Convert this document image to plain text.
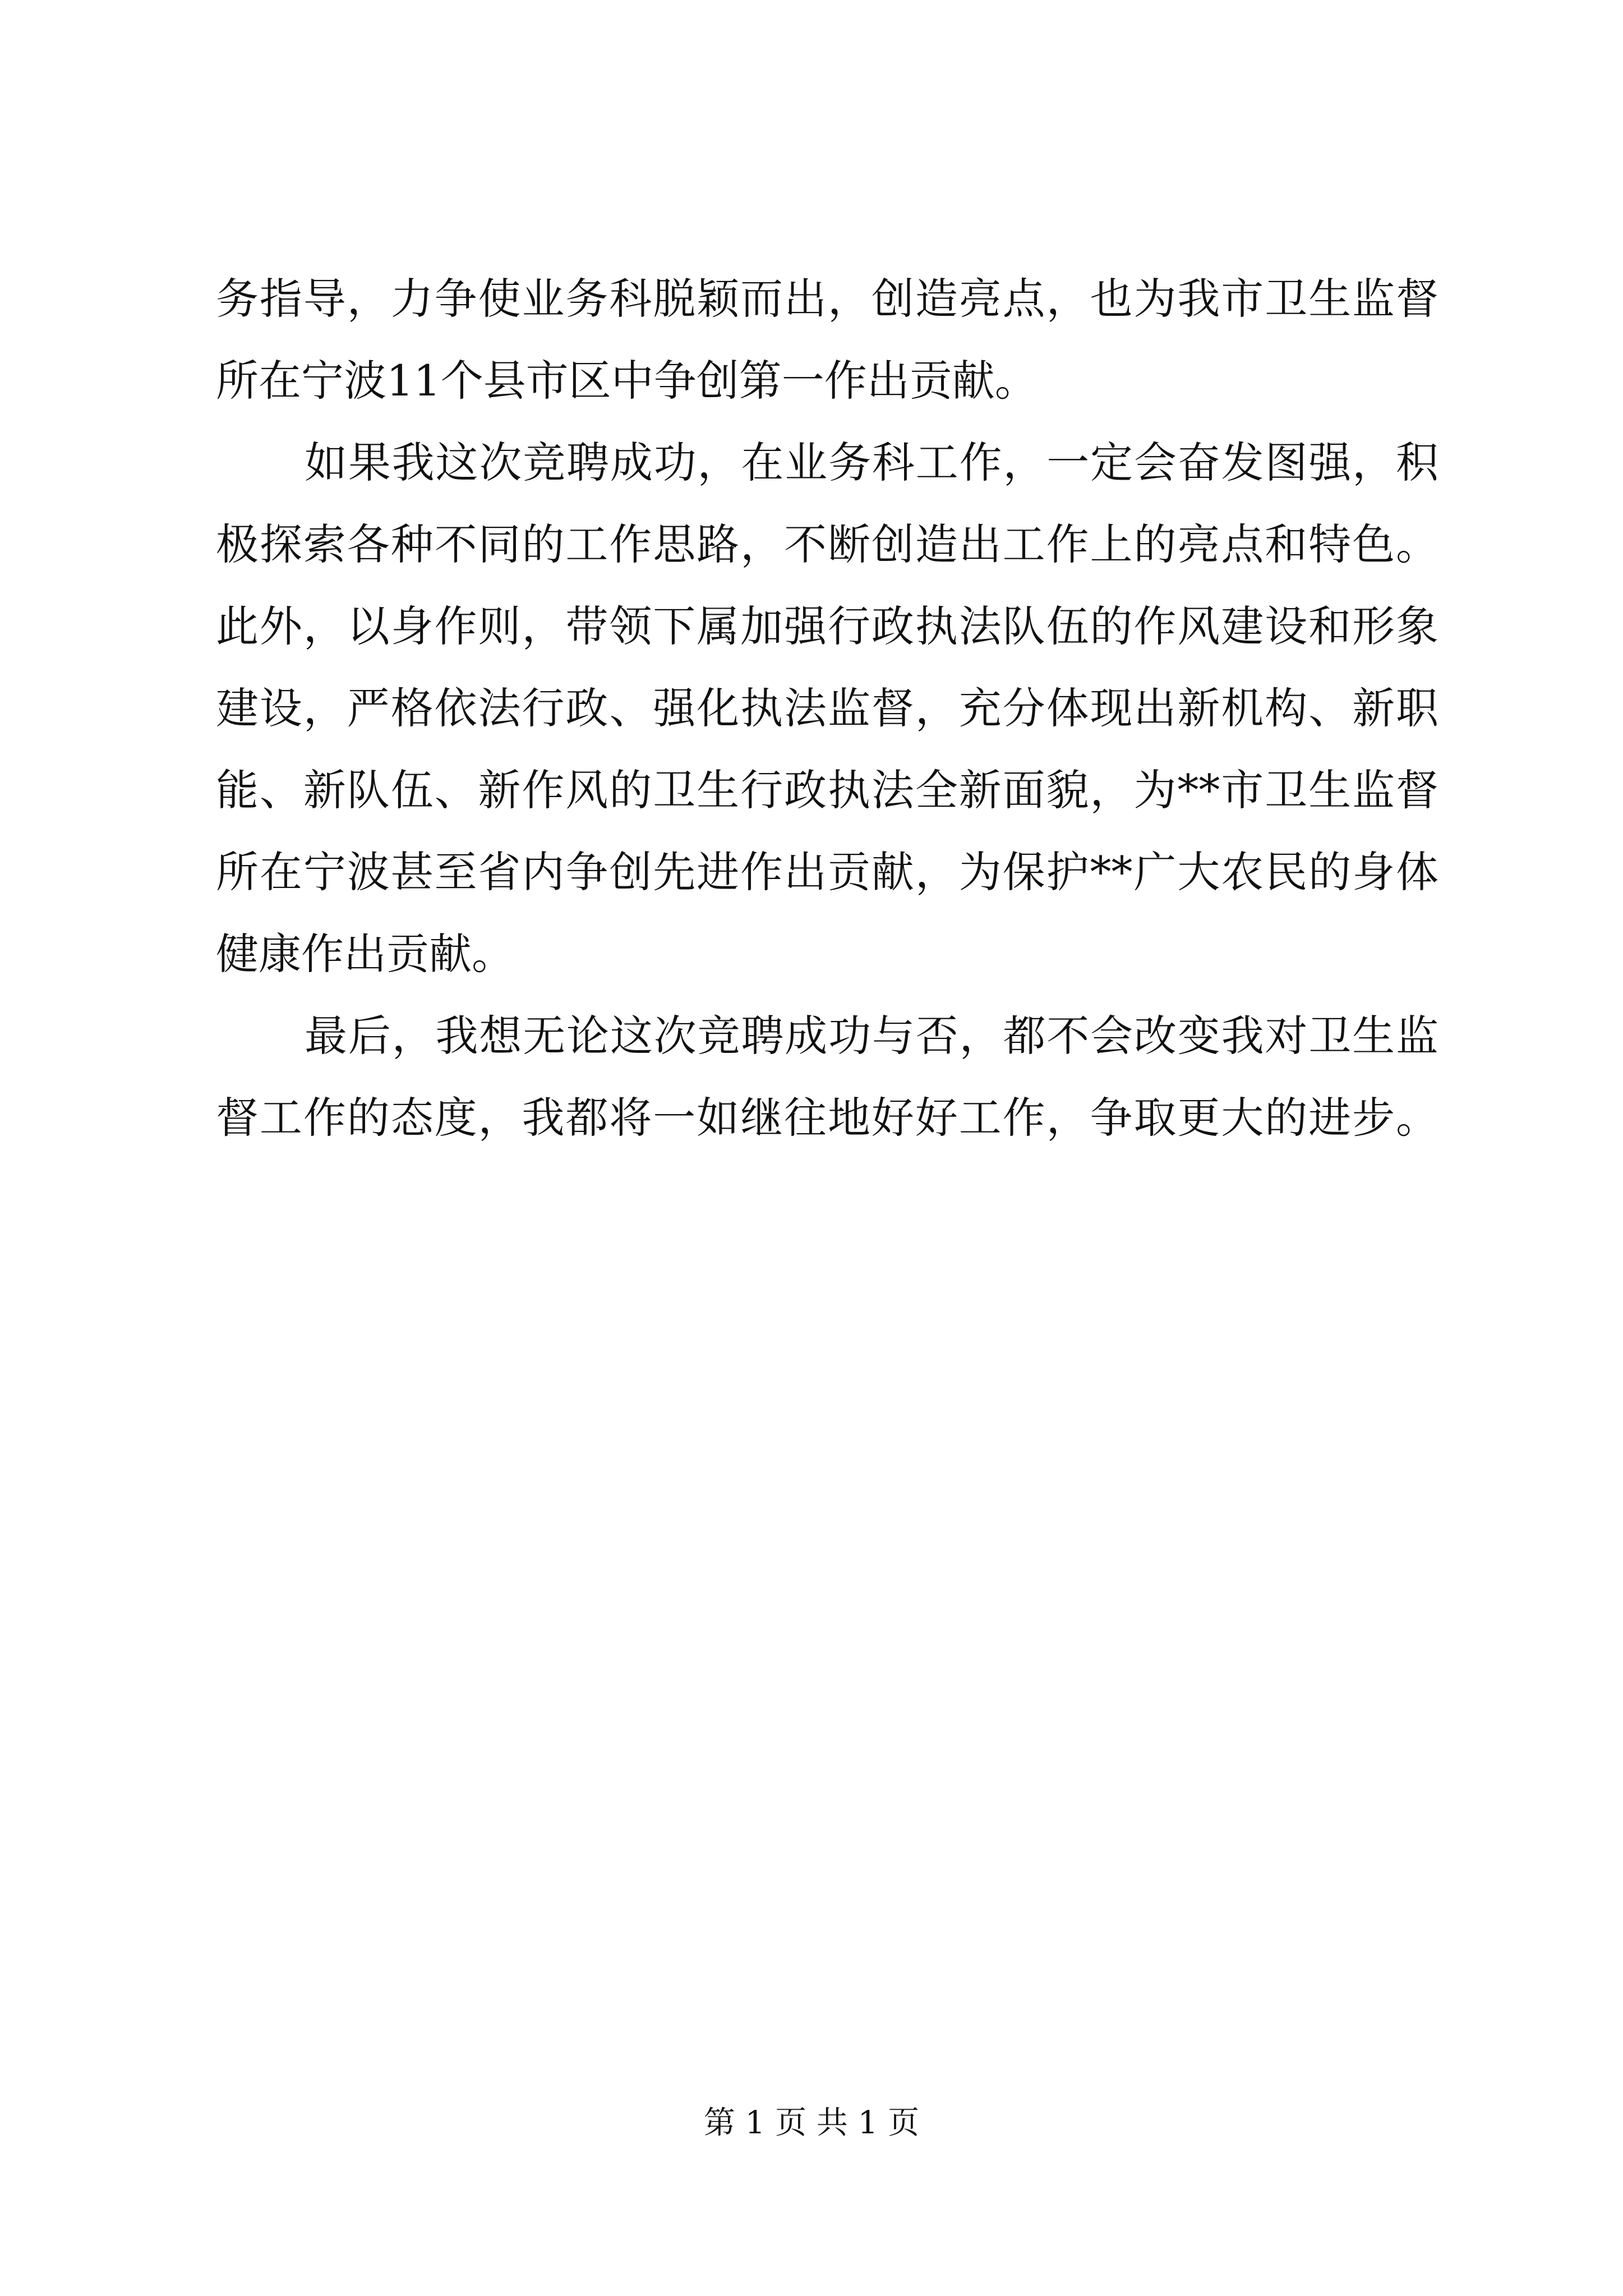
务指导，力争使业务科脱颖而出，创造亮点，也为我市卫生监督
所在宁波11个县市区中争创第一作出贡献。
如果我这次竞聘成功，在业务科工作，一定会奋发图强，积
极探索各种不同的工作思路，不断创造出工作上的亮点和特色。
此外，以身作则，带领下属加强行政执法队伍的作风建设和形象
建设，严格依法行政、强化执法监督，充分体现出新机构、新职
能、新队伍、新作风的卫生行政执法全新面貌，为**市卫生监督
所在宁波甚至省内争创先进作出贡献，为保护**广大农民的身体
健康作出贡献。
最后，我想无论这次竞聘成功与否，都不会改变我对卫生监
督工作的态度，我都将一如继往地好好工作，争取更大的进步。
第 1 页 共 1 页
